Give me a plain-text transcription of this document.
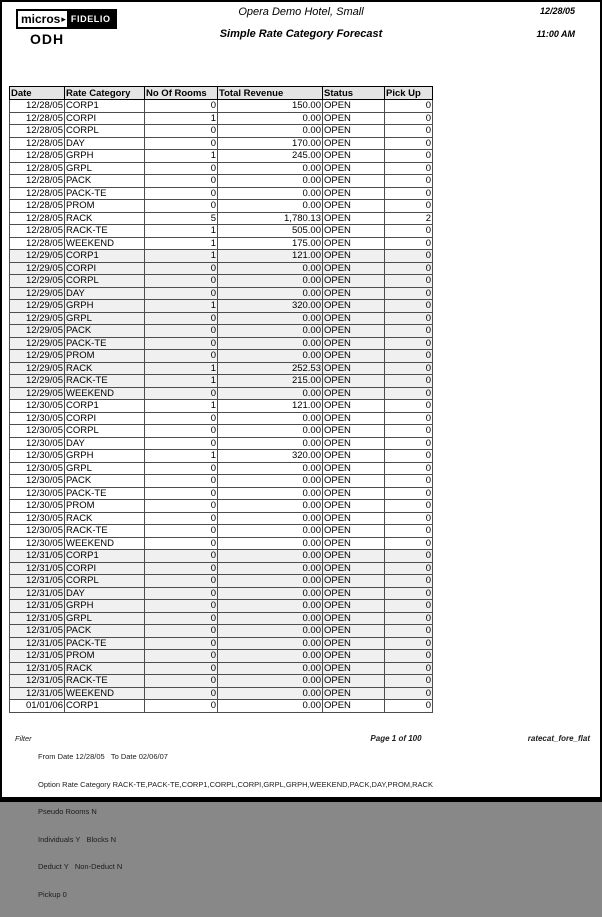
micros ▸ FIDELIO
ODH
Opera Demo Hotel, Small
Simple Rate Category Forecast
12/28/05
11:00 AM
Date	Rate Category	No Of Rooms	Total Revenue	Status	Pick Up
12/28/05	CORP1	0	150.00	OPEN	0
12/28/05	CORPI	1	0.00	OPEN	0
12/28/05	CORPL	0	0.00	OPEN	0
12/28/05	DAY	0	170.00	OPEN	0
12/28/05	GRPH	1	245.00	OPEN	0
12/28/05	GRPL	0	0.00	OPEN	0
12/28/05	PACK	0	0.00	OPEN	0
12/28/05	PACK-TE	0	0.00	OPEN	0
12/28/05	PROM	0	0.00	OPEN	0
12/28/05	RACK	5	1,780.13	OPEN	2
12/28/05	RACK-TE	1	505.00	OPEN	0
12/28/05	WEEKEND	1	175.00	OPEN	0
12/29/05	CORP1	1	121.00	OPEN	0
12/29/05	CORPI	0	0.00	OPEN	0
12/29/05	CORPL	0	0.00	OPEN	0
12/29/05	DAY	0	0.00	OPEN	0
12/29/05	GRPH	1	320.00	OPEN	0
12/29/05	GRPL	0	0.00	OPEN	0
12/29/05	PACK	0	0.00	OPEN	0
12/29/05	PACK-TE	0	0.00	OPEN	0
12/29/05	PROM	0	0.00	OPEN	0
12/29/05	RACK	1	252.53	OPEN	0
12/29/05	RACK-TE	1	215.00	OPEN	0
12/29/05	WEEKEND	0	0.00	OPEN	0
12/30/05	CORP1	1	121.00	OPEN	0
12/30/05	CORPI	0	0.00	OPEN	0
12/30/05	CORPL	0	0.00	OPEN	0
12/30/05	DAY	0	0.00	OPEN	0
12/30/05	GRPH	1	320.00	OPEN	0
12/30/05	GRPL	0	0.00	OPEN	0
12/30/05	PACK	0	0.00	OPEN	0
12/30/05	PACK-TE	0	0.00	OPEN	0
12/30/05	PROM	0	0.00	OPEN	0
12/30/05	RACK	0	0.00	OPEN	0
12/30/05	RACK-TE	0	0.00	OPEN	0
12/30/05	WEEKEND	0	0.00	OPEN	0
12/31/05	CORP1	0	0.00	OPEN	0
12/31/05	CORPI	0	0.00	OPEN	0
12/31/05	CORPL	0	0.00	OPEN	0
12/31/05	DAY	0	0.00	OPEN	0
12/31/05	GRPH	0	0.00	OPEN	0
12/31/05	GRPL	0	0.00	OPEN	0
12/31/05	PACK	0	0.00	OPEN	0
12/31/05	PACK-TE	0	0.00	OPEN	0
12/31/05	PROM	0	0.00	OPEN	0
12/31/05	RACK	0	0.00	OPEN	0
12/31/05	RACK-TE	0	0.00	OPEN	0
12/31/05	WEEKEND	0	0.00	OPEN	0
01/01/06	CORP1	0	0.00	OPEN	0
Filter

From Date 12/28/05   To Date 02/06/07

Option Rate Category RACK-TE,PACK-TE,CORP1,CORPL,CORPI,GRPL,GRPH,WEEKEND,PACK,DAY,PROM,RACK

Pseudo Rooms N

Individuals Y   Blocks N

Deduct Y   Non-Deduct N

Pickup 0

Page 1 of 100	ratecat_fore_flat
